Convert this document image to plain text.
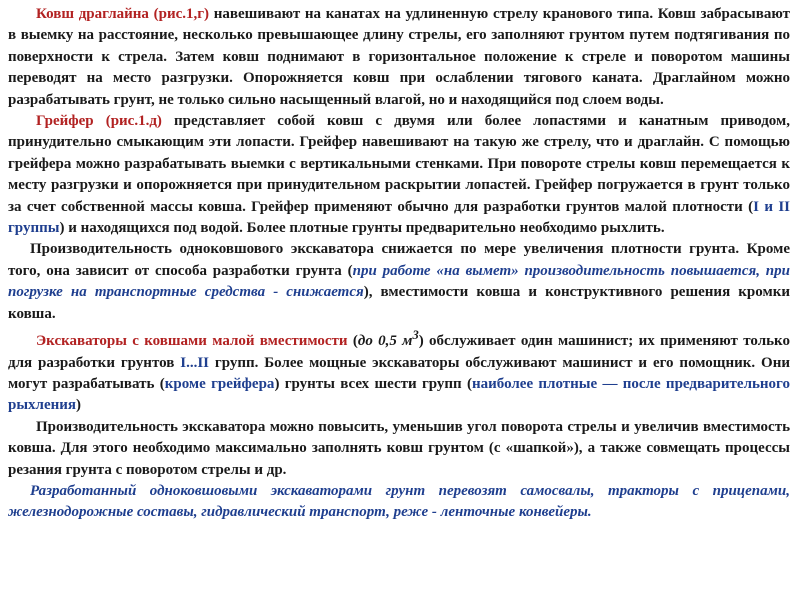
Ковш драглайна (рис.1,г) навешивают на канатах на удлиненную стрелу кранового типа. Ковш забрасывают в выемку на расстояние, несколько превышающее длину стрелы, его заполняют грунтом путем подтягивания по поверхности к стрела. Затем ковш поднимают в горизонтальное положение к стреле и поворотом машины переводят на место разгрузки. Опорожняется ковш при ослаблении тягового каната. Драглайном можно разрабатывать грунт, не только сильно насыщенный влагой, но и находящийся под слоем воды.

Грейфер (рис.1.д) представляет собой ковш с двумя или более лопастями и канатным приводом, принудительно смыкающим эти лопасти. Грейфер навешивают на такую же стрелу, что и драглайн. С помощью грейфера можно разрабатывать выемки с вертикальными стенками. При повороте стрелы ковш перемещается к месту разгрузки и опорожняется при принудительном раскрытии лопастей. Грейфер погружается в грунт только за счет собственной массы ковша. Грейфер применяют обычно для разработки грунтов малой плотности (I и II группы) и находящихся под водой. Более плотные грунты предварительно необходимо рыхлить.

Производительность одноковшового экскаватора снижается по мере увеличения плотности грунта. Кроме того, она зависит от способа разработки грунта (при работе «на вымет» производительность повышается, при погрузке на транспортные средства - снижается), вместимости ковша и конструктивного решения кромки ковша.

Экскаваторы с ковшами малой вместимости (до 0,5 $м^3$) обслуживает один машинист; их применяют только для разработки грунтов I...II групп. Более мощные экскаваторы обслуживают машинист и его помощник. Они могут разрабатывать (кроме грейфера) грунты всех шести групп (наиболее плотные — после предварительного рыхления)

Производительность экскаватора можно повысить, уменьшив угол поворота стрелы и увеличив вместимость ковша. Для этого необходимо максимально заполнять ковш грунтом (с «шапкой»), а также совмещать процессы резания грунта с поворотом стрелы и др.

Разработанный одноковшовыми экскаваторами грунт перевозят самосвалы, тракторы с прицепами, железнодорожные составы, гидравлический транспорт, реже - ленточные конвейеры.
